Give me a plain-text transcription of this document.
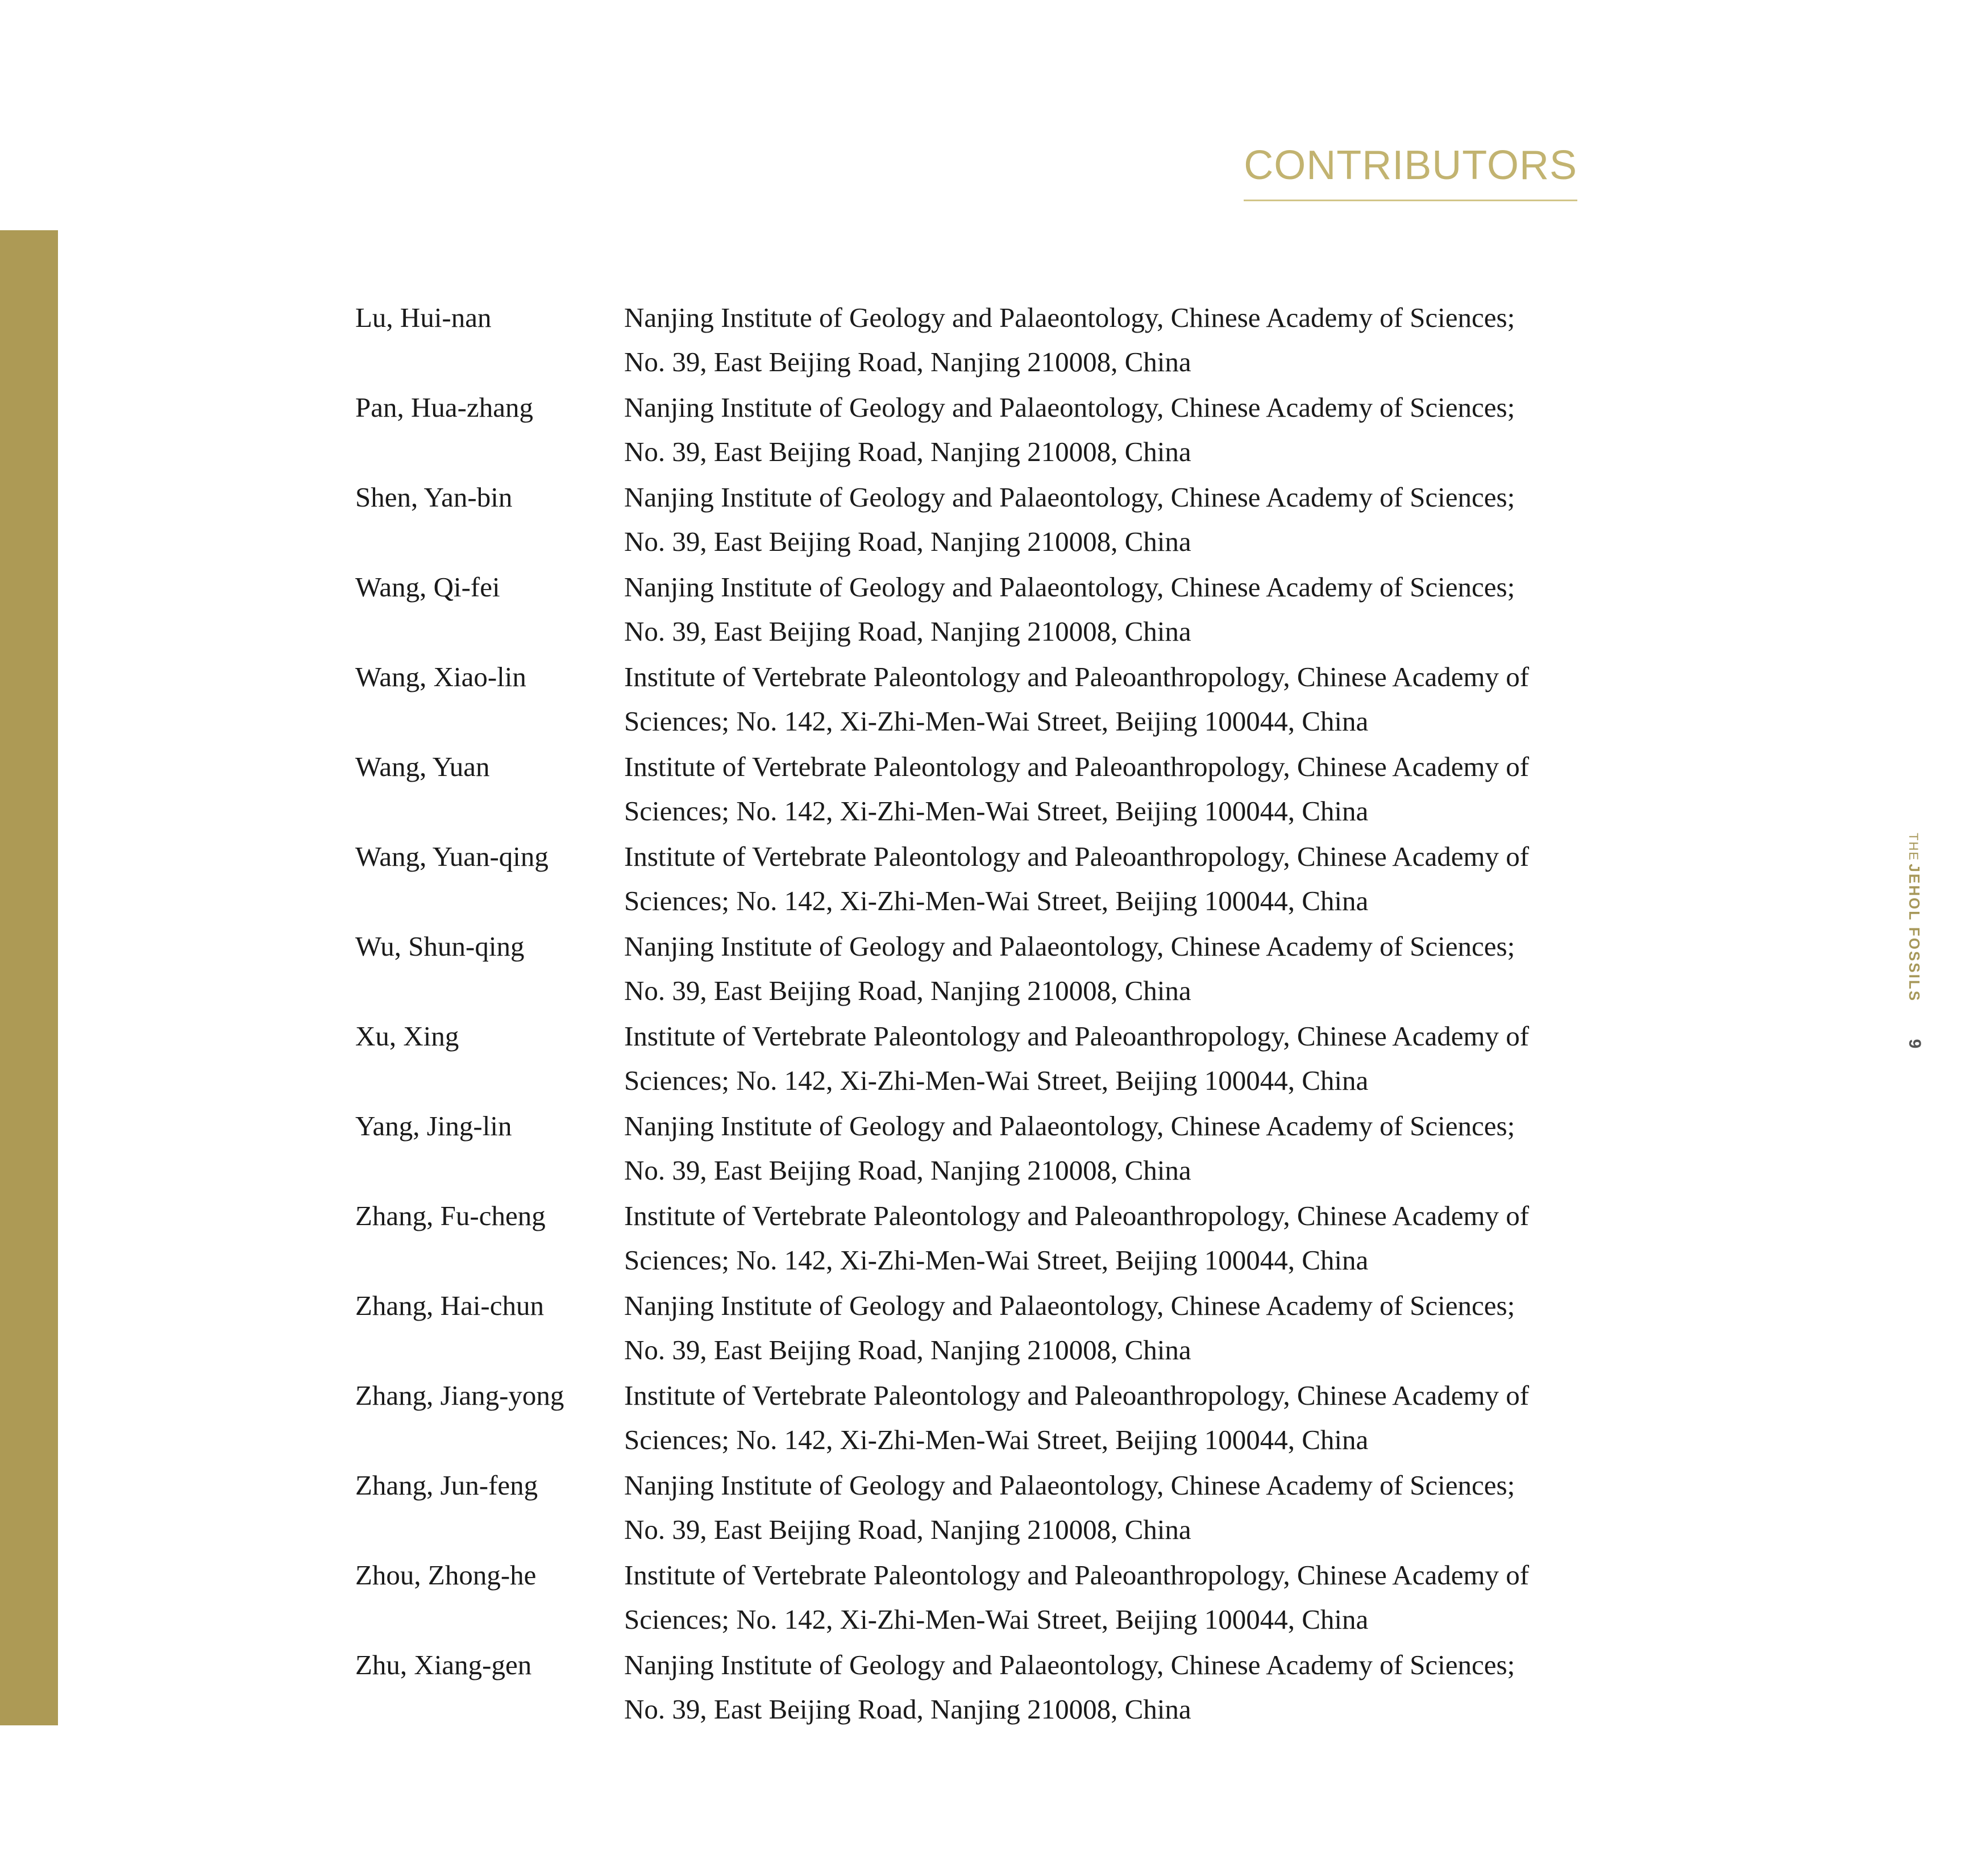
CONTRIBUTORS
Lu, Hui-nan	Nanjing Institute of Geology and Palaeontology, Chinese Academy of Sciences;
No. 39, East Beijing Road, Nanjing 210008, China
Pan, Hua-zhang	Nanjing Institute of Geology and Palaeontology, Chinese Academy of Sciences;
No. 39, East Beijing Road, Nanjing 210008, China
Shen, Yan-bin	Nanjing Institute of Geology and Palaeontology, Chinese Academy of Sciences;
No. 39, East Beijing Road, Nanjing 210008, China
Wang, Qi-fei	Nanjing Institute of Geology and Palaeontology, Chinese Academy of Sciences;
No. 39, East Beijing Road, Nanjing 210008, China
Wang, Xiao-lin	Institute of Vertebrate Paleontology and Paleoanthropology, Chinese Academy of
Sciences; No. 142, Xi-Zhi-Men-Wai Street, Beijing 100044, China
Wang, Yuan	Institute of Vertebrate Paleontology and Paleoanthropology, Chinese Academy of
Sciences; No. 142, Xi-Zhi-Men-Wai Street, Beijing 100044, China
Wang, Yuan-qing	Institute of Vertebrate Paleontology and Paleoanthropology, Chinese Academy of
Sciences; No. 142, Xi-Zhi-Men-Wai Street, Beijing 100044, China
Wu, Shun-qing	Nanjing Institute of Geology and Palaeontology, Chinese Academy of Sciences;
No. 39, East Beijing Road, Nanjing 210008, China
Xu, Xing	Institute of Vertebrate Paleontology and Paleoanthropology, Chinese Academy of
Sciences; No. 142, Xi-Zhi-Men-Wai Street, Beijing 100044, China
Yang, Jing-lin	Nanjing Institute of Geology and Palaeontology, Chinese Academy of Sciences;
No. 39, East Beijing Road, Nanjing 210008, China
Zhang, Fu-cheng	Institute of Vertebrate Paleontology and Paleoanthropology, Chinese Academy of
Sciences; No. 142, Xi-Zhi-Men-Wai Street, Beijing 100044, China
Zhang, Hai-chun	Nanjing Institute of Geology and Palaeontology, Chinese Academy of Sciences;
No. 39, East Beijing Road, Nanjing 210008, China
Zhang, Jiang-yong	Institute of Vertebrate Paleontology and Paleoanthropology, Chinese Academy of
Sciences; No. 142, Xi-Zhi-Men-Wai Street, Beijing 100044, China
Zhang, Jun-feng	Nanjing Institute of Geology and Palaeontology, Chinese Academy of Sciences;
No. 39, East Beijing Road, Nanjing 210008, China
Zhou, Zhong-he	Institute of Vertebrate Paleontology and Paleoanthropology, Chinese Academy of
Sciences; No. 142, Xi-Zhi-Men-Wai Street, Beijing 100044, China
Zhu, Xiang-gen	Nanjing Institute of Geology and Palaeontology, Chinese Academy of Sciences;
No. 39, East Beijing Road, Nanjing 210008, China
THE JEHOL FOSSILS 9
